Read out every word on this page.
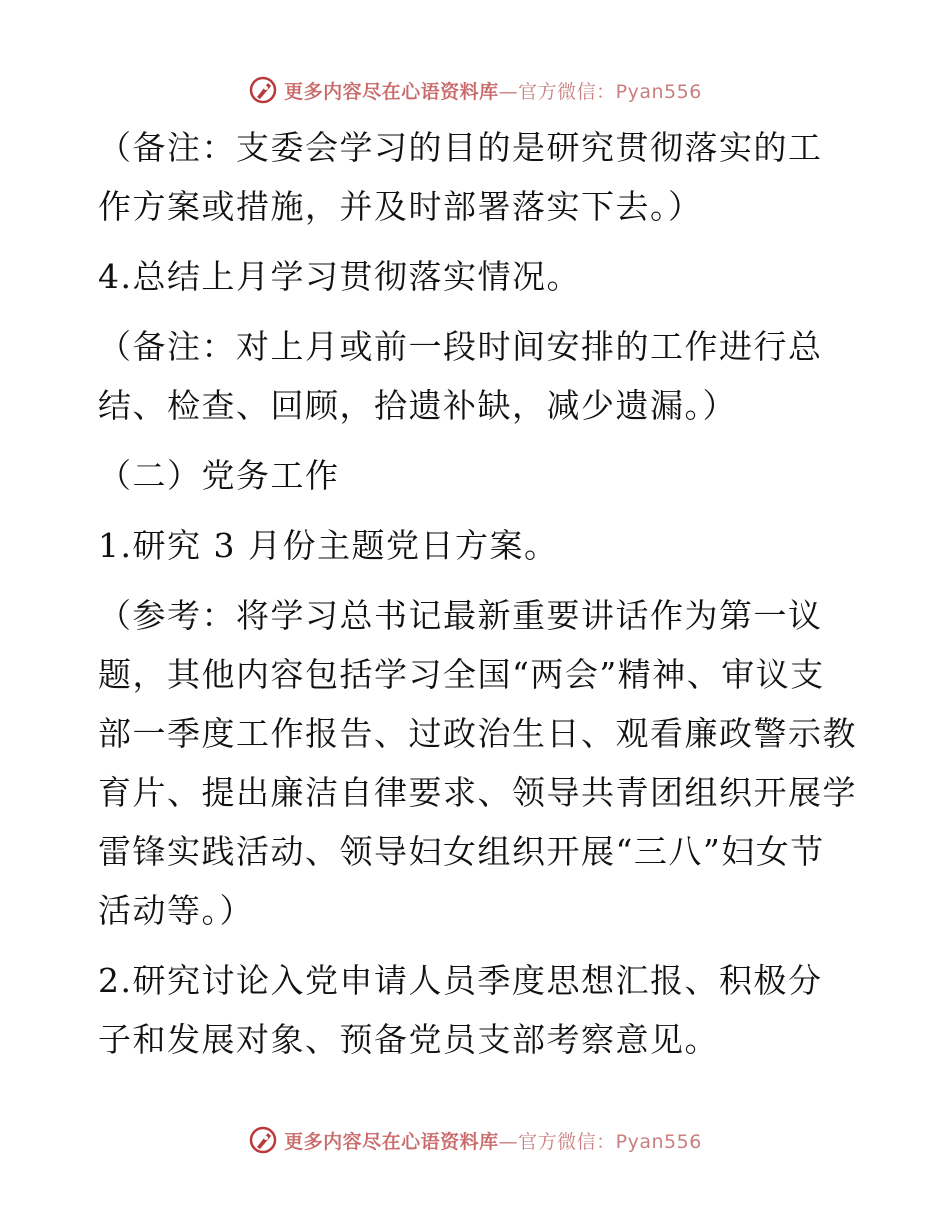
更多内容尽在心语资料库—官方微信：Pyan556

（备注：支委会学习的目的是研究贯彻落实的工
作方案或措施，并及时部署落实下去。）

4.总结上月学习贯彻落实情况。

（备注：对上月或前一段时间安排的工作进行总
结、检查、回顾，拾遗补缺，减少遗漏。）

（二）党务工作

1.研究 3 月份主题党日方案。

（参考：将学习总书记最新重要讲话作为第一议
题，其他内容包括学习全国“两会”精神、审议支
部一季度工作报告、过政治生日、观看廉政警示教
育片、提出廉洁自律要求、领导共青团组织开展学
雷锋实践活动、领导妇女组织开展“三八”妇女节
活动等。）

2.研究讨论入党申请人员季度思想汇报、积极分
子和发展对象、预备党员支部考察意见。

更多内容尽在心语资料库—官方微信：Pyan556
